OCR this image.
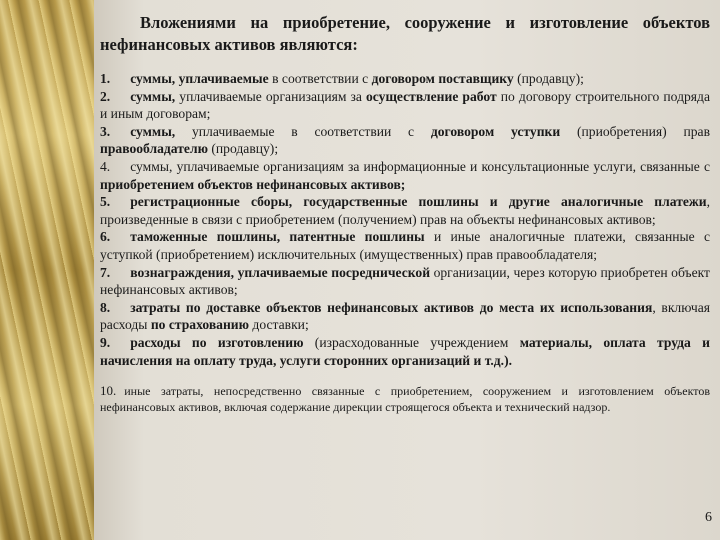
Вложениями на приобретение, сооружение и изготовление объектов нефинансовых активов являются:

1. суммы, уплачиваемые в соответствии с договором поставщику (продавцу);

2. суммы, уплачиваемые организациям за осуществление работ по договору строительного подряда и иным договорам;

3. суммы, уплачиваемые в соответствии с договором уступки (приобретения) прав правообладателю (продавцу);

4. суммы, уплачиваемые организациям за информационные и консультационные услуги, связанные с приобретением объектов нефинансовых активов;

5. регистрационные сборы, государственные пошлины и другие аналогичные платежи, произведенные в связи с приобретением (получением) прав на объекты нефинансовых активов;

6. таможенные пошлины, патентные пошлины и иные аналогичные платежи, связанные с уступкой (приобретением) исключительных (имущественных) прав правообладателя;

7. вознаграждения, уплачиваемые посреднической организации, через которую приобретен объект нефинансовых активов;

8. затраты по доставке объектов нефинансовых активов до места их использования, включая расходы по страхованию доставки;

9. расходы по изготовлению (израсходованные учреждением материалы, оплата труда и начисления на оплату труда, услуги сторонних организаций и т.д.).

10. иные затраты, непосредственно связанные с приобретением, сооружением и изготовлением объектов нефинансовых активов, включая содержание дирекции строящегося объекта и технический надзор.

6
